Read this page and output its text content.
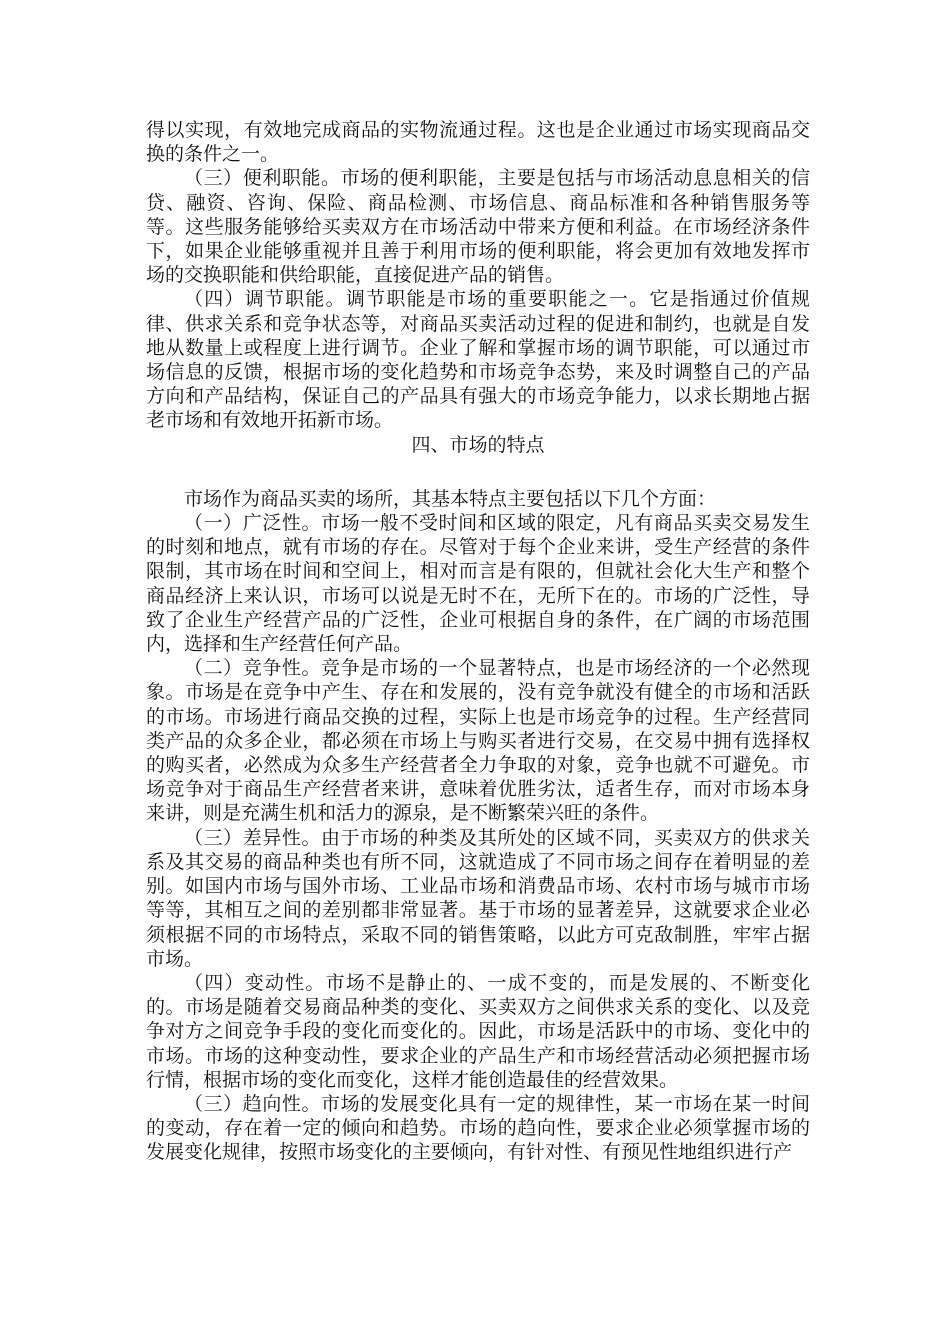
得以实现，有效地完成商品的实物流通过程。这也是企业通过市场实现商品交换的条件之一。

（三）便利职能。市场的便利职能，主要是包括与市场活动息息相关的信贷、融资、咨询、保险、商品检测、市场信息、商品标准和各种销售服务等等。这些服务能够给买卖双方在市场活动中带来方便和利益。在市场经济条件下，如果企业能够重视并且善于利用市场的便利职能，将会更加有效地发挥市场的交换职能和供给职能，直接促进产品的销售。

（四）调节职能。调节职能是市场的重要职能之一。它是指通过价值规律、供求关系和竞争状态等，对商品买卖活动过程的促进和制约，也就是自发地从数量上或程度上进行调节。企业了解和掌握市场的调节职能，可以通过市场信息的反馈，根据市场的变化趋势和市场竞争态势，来及时调整自己的产品方向和产品结构，保证自己的产品具有强大的市场竞争能力，以求长期地占据老市场和有效地开拓新市场。

四、市场的特点

市场作为商品买卖的场所，其基本特点主要包括以下几个方面：

（一）广泛性。市场一般不受时间和区域的限定，凡有商品买卖交易发生的时刻和地点，就有市场的存在。尽管对于每个企业来讲，受生产经营的条件限制，其市场在时间和空间上，相对而言是有限的，但就社会化大生产和整个商品经济上来认识，市场可以说是无时不在，无所下在的。市场的广泛性，导致了企业生产经营产品的广泛性，企业可根据自身的条件，在广阔的市场范围内，选择和生产经营任何产品。

（二）竞争性。竞争是市场的一个显著特点，也是市场经济的一个必然现象。市场是在竞争中产生、存在和发展的，没有竞争就没有健全的市场和活跃的市场。市场进行商品交换的过程，实际上也是市场竞争的过程。生产经营同类产品的众多企业，都必须在市场上与购买者进行交易，在交易中拥有选择权的购买者，必然成为众多生产经营者全力争取的对象，竞争也就不可避免。市场竞争对于商品生产经营者来讲，意味着优胜劣汰，适者生存，而对市场本身来讲，则是充满生机和活力的源泉，是不断繁荣兴旺的条件。

（三）差异性。由于市场的种类及其所处的区域不同，买卖双方的供求关系及其交易的商品种类也有所不同，这就造成了不同市场之间存在着明显的差别。如国内市场与国外市场、工业品市场和消费品市场、农村市场与城市市场等等，其相互之间的差别都非常显著。基于市场的显著差异，这就要求企业必须根据不同的市场特点，采取不同的销售策略，以此方可克敌制胜，牢牢占据市场。

（四）变动性。市场不是静止的、一成不变的，而是发展的、不断变化的。市场是随着交易商品种类的变化、买卖双方之间供求关系的变化、以及竞争对方之间竞争手段的变化而变化的。因此，市场是活跃中的市场、变化中的市场。市场的这种变动性，要求企业的产品生产和市场经营活动必须把握市场行情，根据市场的变化而变化，这样才能创造最佳的经营效果。

（三）趋向性。市场的发展变化具有一定的规律性，某一市场在某一时间的变动，存在着一定的倾向和趋势。市场的趋向性，要求企业必须掌握市场的发展变化规律，按照市场变化的主要倾向，有针对性、有预见性地组织进行产
